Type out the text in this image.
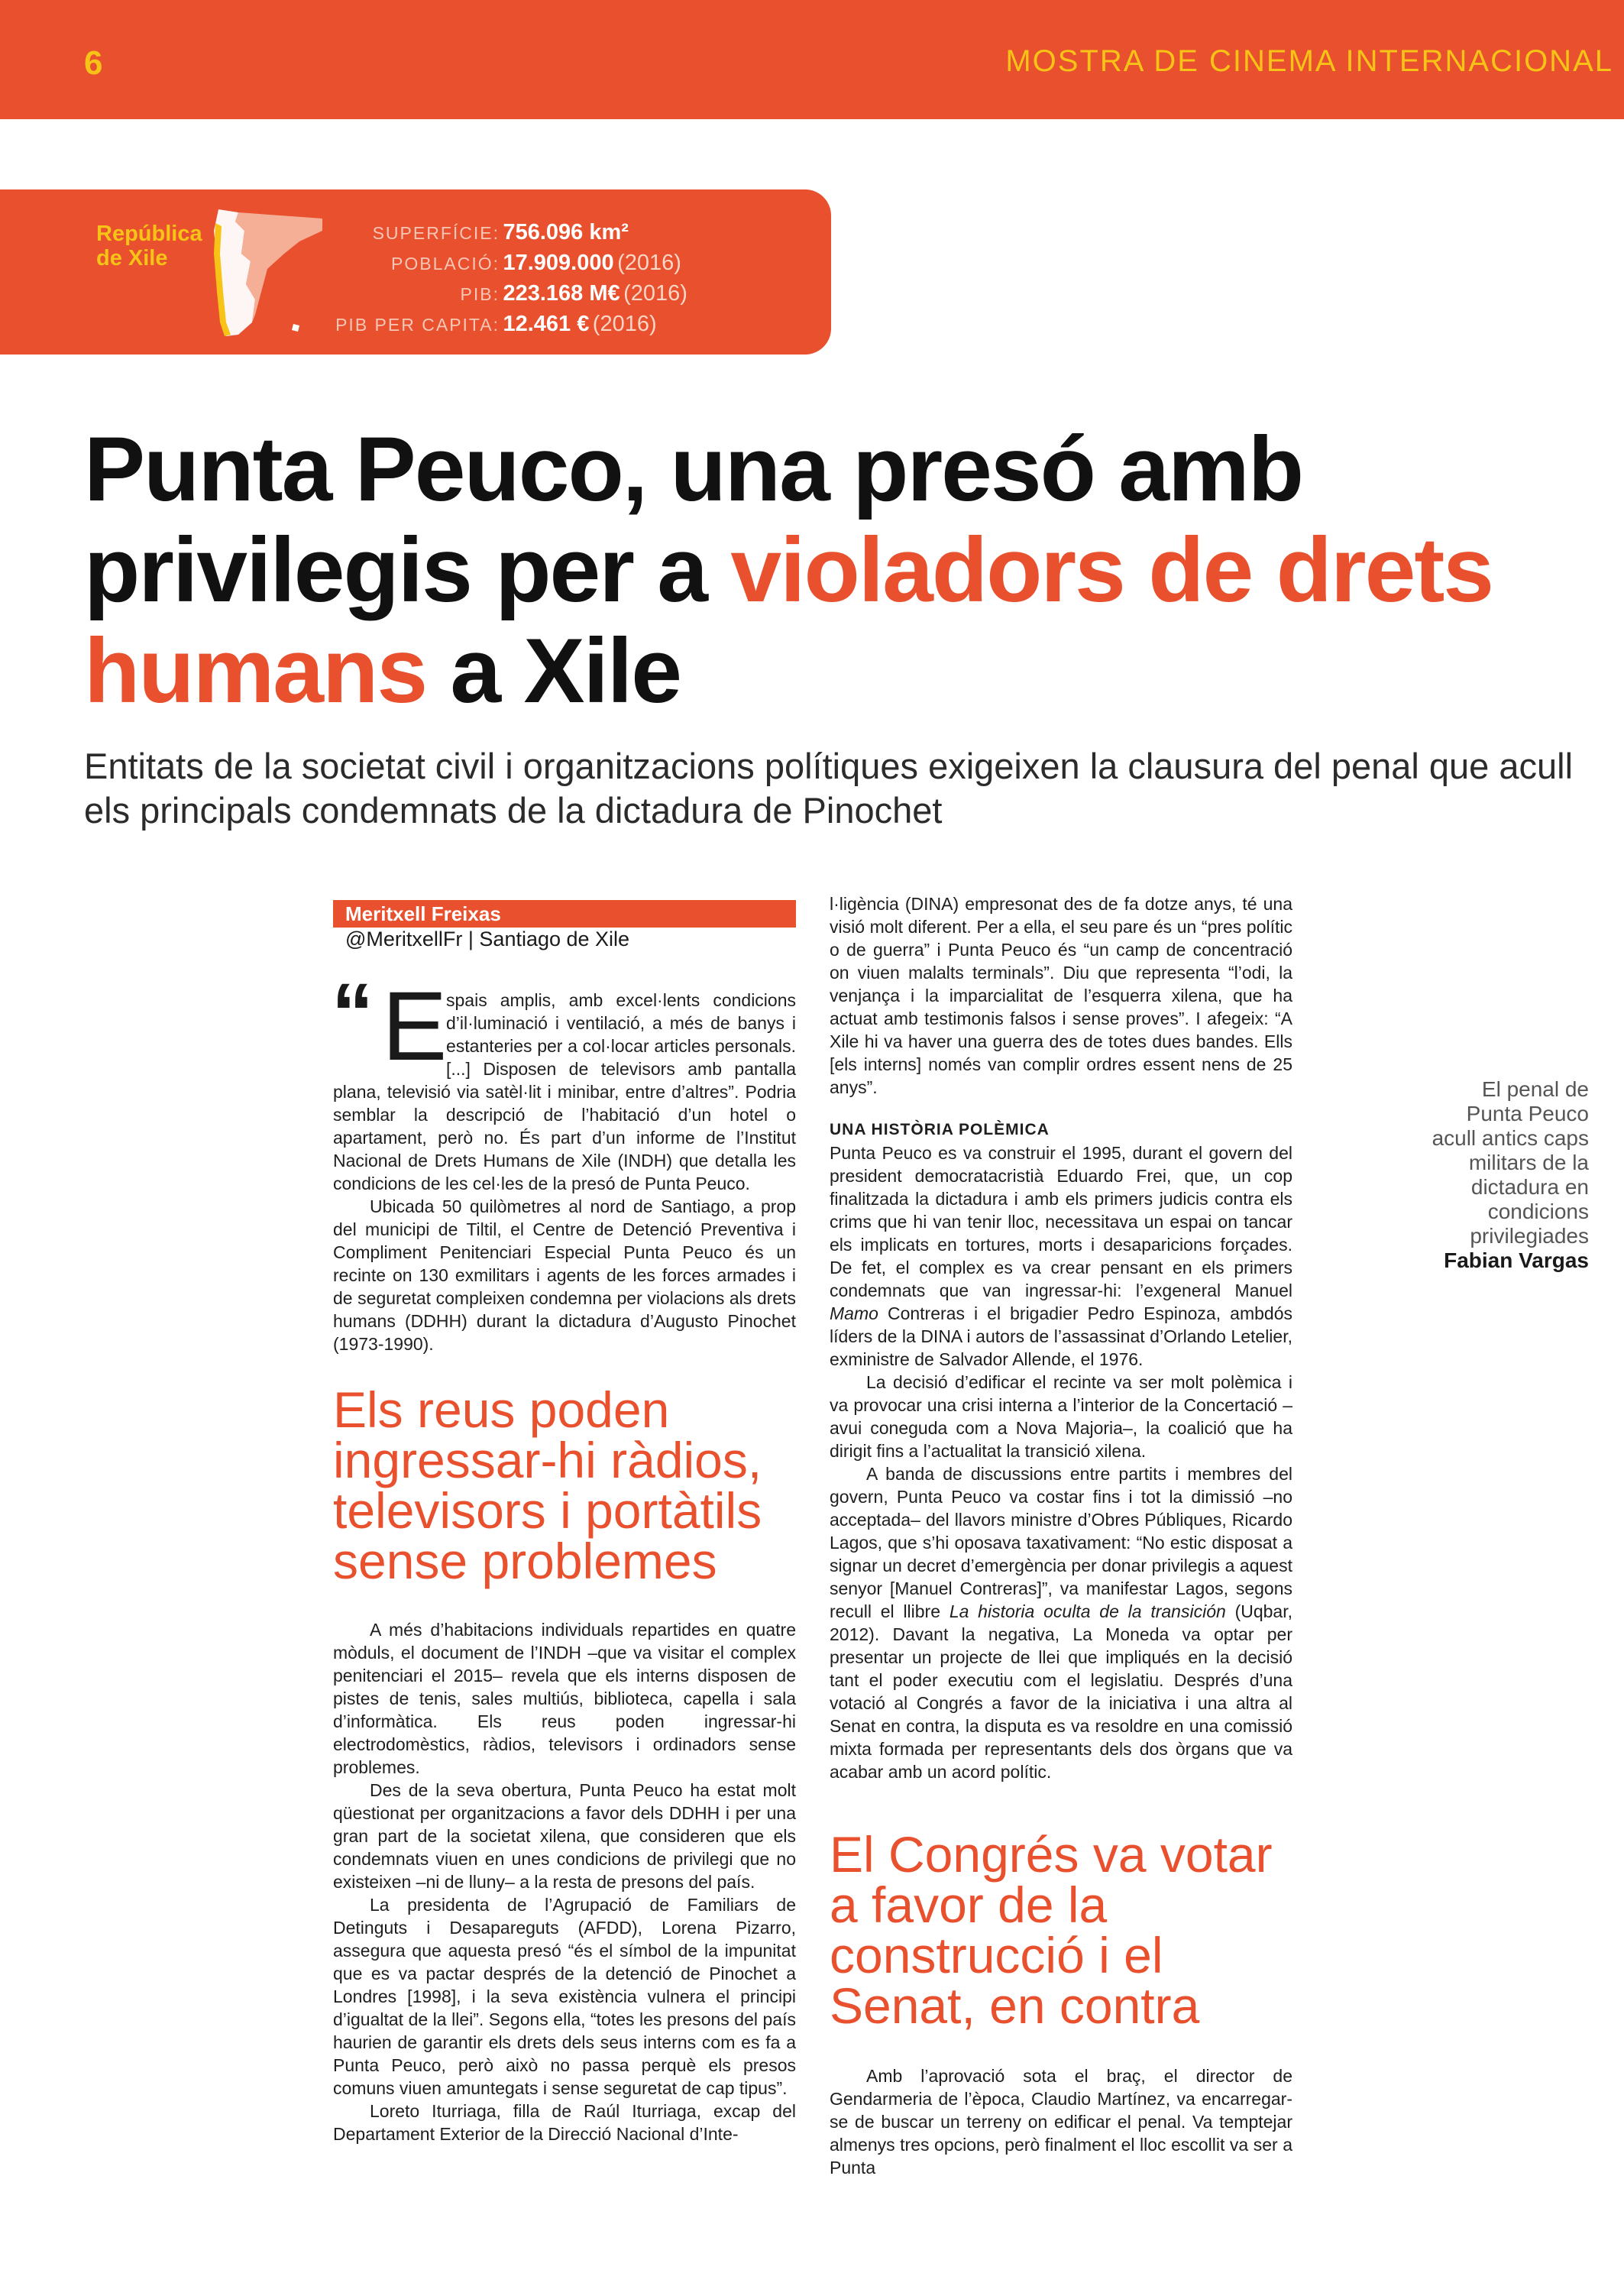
6	MOSTRA DE CINEMA INTERNACIONAL
República de Xile
SUPERFÍCIE: 756.096 km²
POBLACIÓ: 17.909.000 (2016)
PIB: 223.168 M€ (2016)
PIB PER CAPITA: 12.461 € (2016)
Punta Peuco, una presó amb privilegis per a violadors de drets humans a Xile
Entitats de la societat civil i organitzacions polítiques exigeixen la clausura del penal que acull els principals condemnats de la dictadura de Pinochet
Meritxell Freixas
@MeritxellFr | Santiago de Xile
“ E

spais amplis, amb excel·lents condicions d’il·luminació i ventilació, a més de banys i estanteries per a col·locar articles personals. [...] Disposen de televisors amb pantalla plana, televisió via satèl·lit i minibar, entre d’altres”. Podria semblar la descripció de l’habitació d’un hotel o apartament, però no. És part d’un informe de l’Institut Nacional de Drets Humans de Xile (INDH) que detalla les condicions de les cel·les de la presó de Punta Peuco.

Ubicada 50 quilòmetres al nord de Santiago, a prop del municipi de Tiltil, el Centre de Detenció Preventiva i Compliment Penitenciari Especial Punta Peuco és un recinte on 130 exmilitars i agents de les forces armades i de seguretat compleixen condemna per violacions als drets humans (DDHH) durant la dictadura d’Augusto Pinochet (1973-1990).

Els reus poden ingressar-hi ràdios, televisors i portàtils sense problemes

A més d’habitacions individuals repartides en quatre mòduls, el document de l’INDH –que va visitar el complex penitenciari el 2015– revela que els interns disposen de pistes de tenis, sales multiús, biblioteca, capella i sala d’informàtica. Els reus poden ingressar-hi electrodomèstics, ràdios, televisors i ordinadors sense problemes.

Des de la seva obertura, Punta Peuco ha estat molt qüestionat per organitzacions a favor dels DDHH i per una gran part de la societat xilena, que consideren que els condemnats viuen en unes condicions de privilegi que no existeixen –ni de lluny– a la resta de presons del país.

La presidenta de l’Agrupació de Familiars de Detinguts i Desapareguts (AFDD), Lorena Pizarro, assegura que aquesta presó “és el símbol de la impunitat que es va pactar després de la detenció de Pinochet a Londres [1998], i la seva existència vulnera el principi d’igualtat de la llei”. Segons ella, “totes les presons del país haurien de garantir els drets dels seus interns com es fa a Punta Peuco, però això no passa perquè els presos comuns viuen amuntegats i sense seguretat de cap tipus”.

Loreto Iturriaga, filla de Raúl Iturriaga, excap del Departament Exterior de la Direcció Nacional d’Inte-

l·ligència (DINA) empresonat des de fa dotze anys, té una visió molt diferent. Per a ella, el seu pare és un “pres polític o de guerra” i Punta Peuco és “un camp de concentració on viuen malalts terminals”. Diu que representa “l’odi, la venjança i la imparcialitat de l’esquerra xilena, que ha actuat amb testimonis falsos i sense proves”. I afegeix: “A Xile hi va haver una guerra des de totes dues bandes. Ells [els interns] només van complir ordres essent nens de 25 anys”.

UNA HISTÒRIA POLÈMICA

Punta Peuco es va construir el 1995, durant el govern del president democratacristià Eduardo Frei, que, un cop finalitzada la dictadura i amb els primers judicis contra els crims que hi van tenir lloc, necessitava un espai on tancar els implicats en tortures, morts i desaparicions forçades. De fet, el complex es va crear pensant en els primers condemnats que van ingressar-hi: l’exgeneral Manuel Mamo Contreras i el brigadier Pedro Espinoza, ambdós líders de la DINA i autors de l’assassinat d’Orlando Letelier, exministre de Salvador Allende, el 1976.

La decisió d’edificar el recinte va ser molt polèmica i va provocar una crisi interna a l’interior de la Concertació –avui coneguda com a Nova Majoria–, la coalició que ha dirigit fins a l’actualitat la transició xilena.

A banda de discussions entre partits i membres del govern, Punta Peuco va costar fins i tot la dimissió –no acceptada– del llavors ministre d’Obres Públiques, Ricardo Lagos, que s’hi oposava taxativament: “No estic disposat a signar un decret d’emergència per donar privilegis a aquest senyor [Manuel Contreras]”, va manifestar Lagos, segons recull el llibre La historia oculta de la transición (Uqbar, 2012). Davant la negativa, La Moneda va optar per presentar un projecte de llei que impliqués en la decisió tant el poder executiu com el legislatiu. Després d’una votació al Congrés a favor de la iniciativa i una altra al Senat en contra, la disputa es va resoldre en una comissió mixta formada per representants dels dos òrgans que va acabar amb un acord polític.

El Congrés va votar a favor de la construcció i el Senat, en contra

Amb l’aprovació sota el braç, el director de Gendarmeria de l’època, Claudio Martínez, va encarregar-se de buscar un terreny on edificar el penal. Va temptejar almenys tres opcions, però finalment el lloc escollit va ser a Punta

El penal de Punta Peuco acull antics caps militars de la dictadura en condicions privilegiades
Fabian Vargas
